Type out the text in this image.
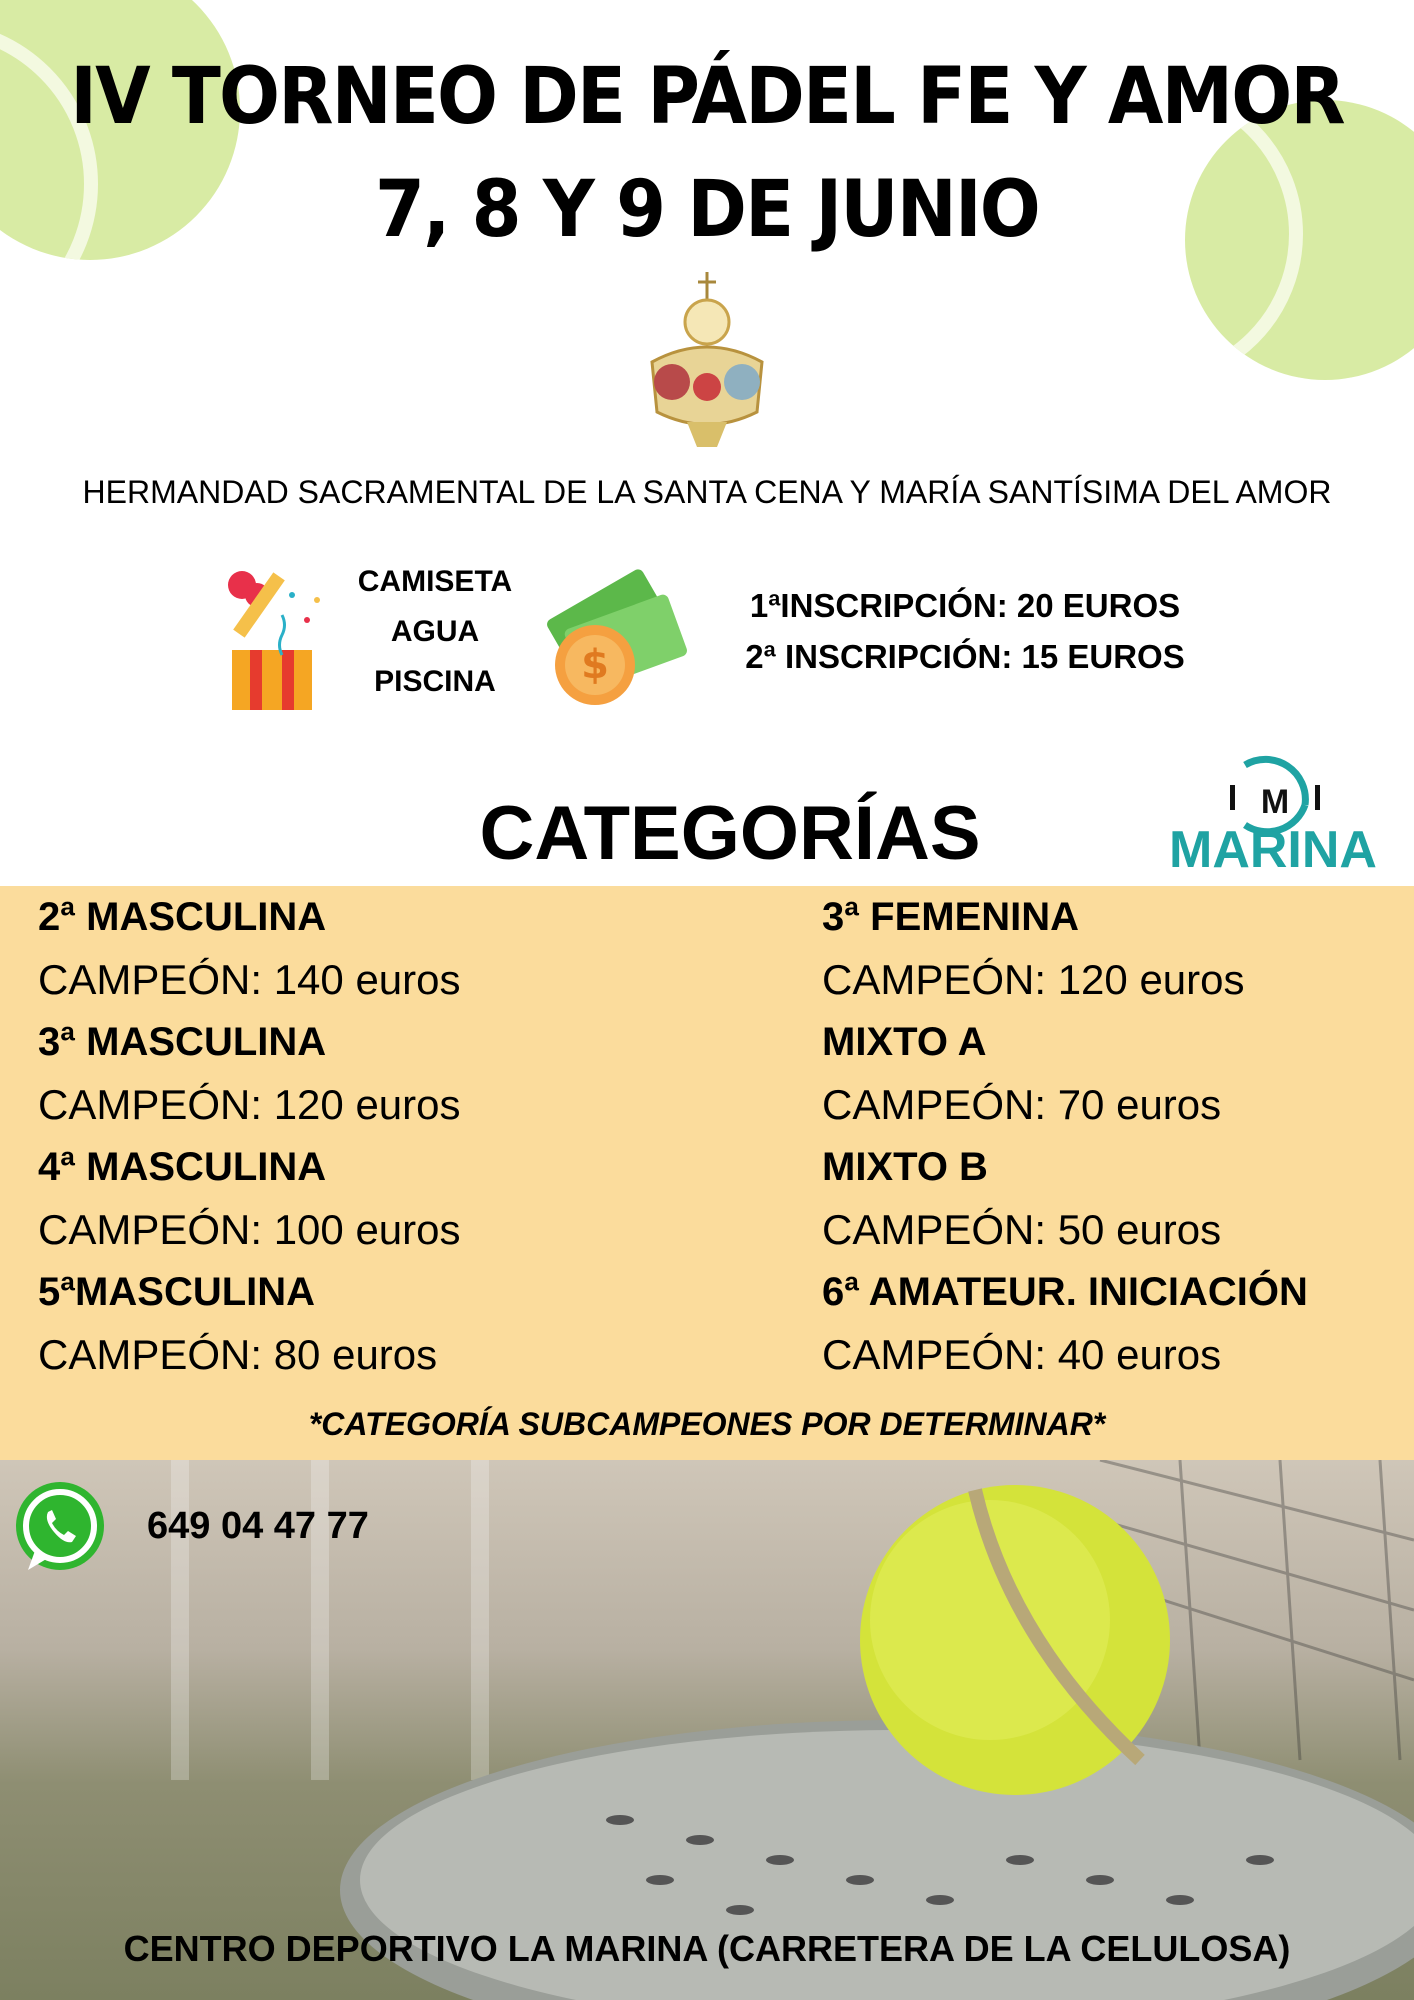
IV TORNEO DE PÁDEL FE Y AMOR
7, 8 Y 9 DE JUNIO
HERMANDAD SACRAMENTAL DE LA SANTA CENA Y MARÍA SANTÍSIMA DEL AMOR
CAMISETA
AGUA
PISCINA	$
1ªINSCRIPCIÓN: 20 EUROS
2ª INSCRIPCIÓN: 15 EUROS
CATEGORÍAS	M
MARINA
2ª MASCULINA
CAMPEÓN: 140 euros
3ª MASCULINA
CAMPEÓN: 120 euros
4ª MASCULINA
CAMPEÓN: 100 euros
5ªMASCULINA
CAMPEÓN: 80 euros
3ª FEMENINA
CAMPEÓN: 120 euros
MIXTO A
CAMPEÓN: 70 euros
MIXTO B
CAMPEÓN: 50 euros
6ª AMATEUR. INICIACIÓN
CAMPEÓN: 40 euros
*CATEGORÍA SUBCAMPEONES POR DETERMINAR*
649 04 47 77
CENTRO DEPORTIVO LA MARINA (CARRETERA DE LA CELULOSA)
